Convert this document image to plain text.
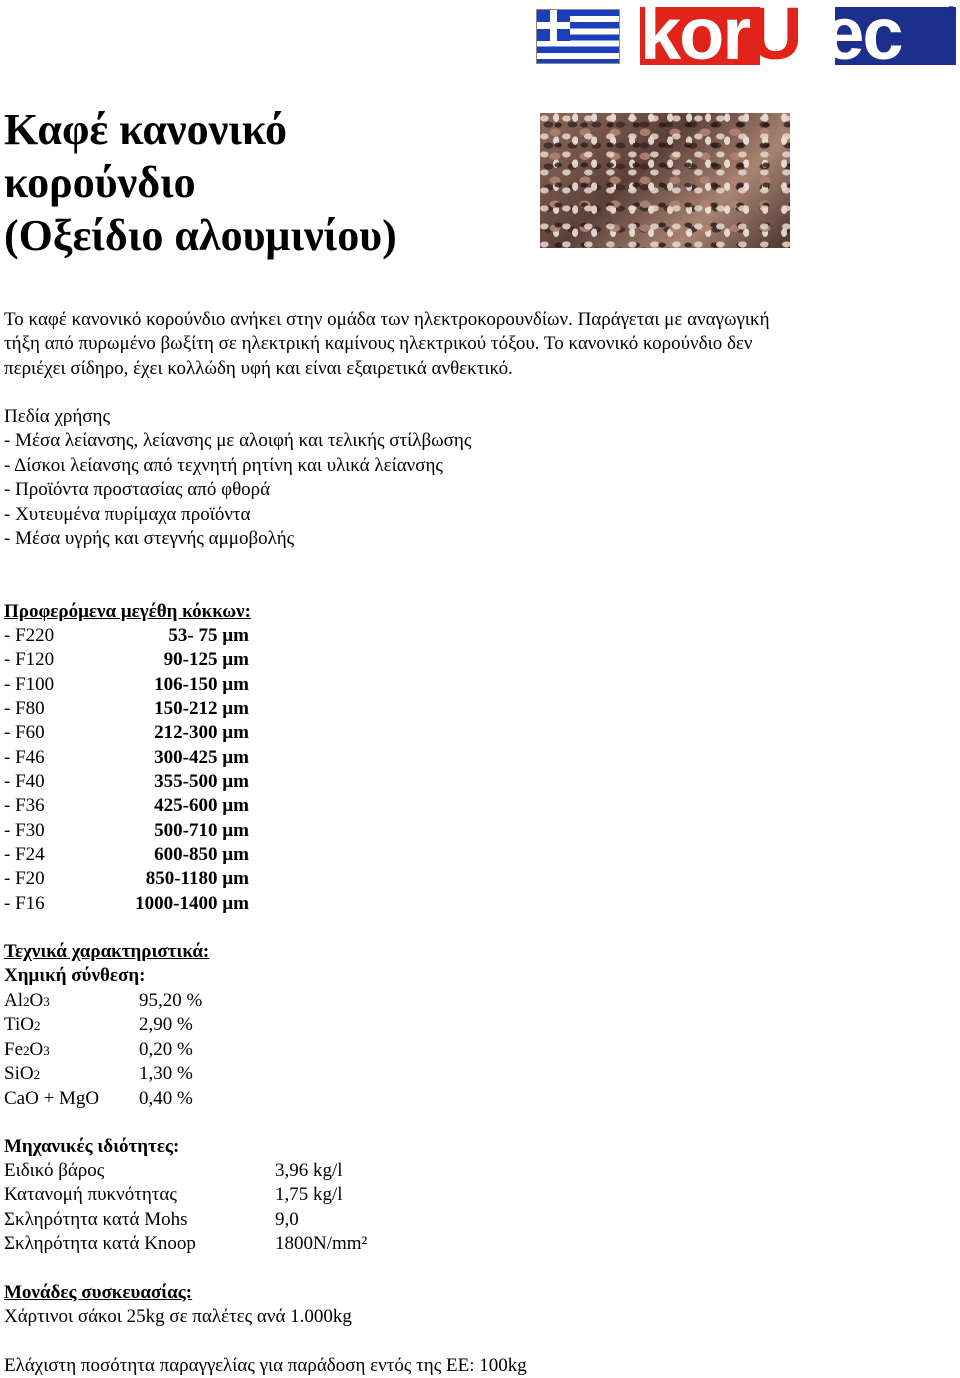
korUtec	®
Καφέ κανονικό
κορούνδιο
(Οξείδιο αλουμινίου)
Το καφέ κανονικό κορούνδιο ανήκει στην ομάδα των ηλεκτροκορουνδίων. Παράγεται με αναγωγική
τήξη από πυρωμένο βωξίτη σε ηλεκτρική καμίνους ηλεκτρικού τόξου. Το κανονικό κορούνδιο δεν
περιέχει σίδηρο, έχει κολλώδη υφή και είναι εξαιρετικά ανθεκτικό.
Πεδία χρήσης
- Μέσα λείανσης, λείανσης με αλοιφή και τελικής στίλβωσης
- Δίσκοι λείανσης από τεχνητή ρητίνη και υλικά λείανσης
- Προϊόντα προστασίας από φθορά
- Χυτευμένα πυρίμαχα προϊόντα
- Μέσα υγρής και στεγνής αμμοβολής
Προφερόμενα μεγέθη κόκκων:
- F220	53- 75 µm
- F120	90-125 µm
- F100	106-150 µm
- F80	150-212 µm
- F60	212-300 µm
- F46	300-425 µm
- F40	355-500 µm
- F36	425-600 µm
- F30	500-710 µm
- F24	600-850 µm
- F20	850-1180 µm
- F16	1000-1400 µm
Τεχνικά χαρακτηριστικά:
Χημική σύνθεση:
Al2O3	95,20 %
TiO2	2,90 %
Fe2O3	0,20 %
SiO2	1,30 %
CaO + MgO 0,40 %
Μηχανικές ιδιότητες:
Ειδικό βάρος	3,96 kg/l
Κατανομή πυκνότητας	1,75 kg/l
Σκληρότητα κατά Mohs	9,0
Σκληρότητα κατά Knoop	1800N/mm²
Μονάδες συσκευασίας:
Χάρτινοι σάκοι 25kg σε παλέτες ανά 1.000kg
Ελάχιστη ποσότητα παραγγελίας για παράδοση εντός της ΕΕ: 100kg
